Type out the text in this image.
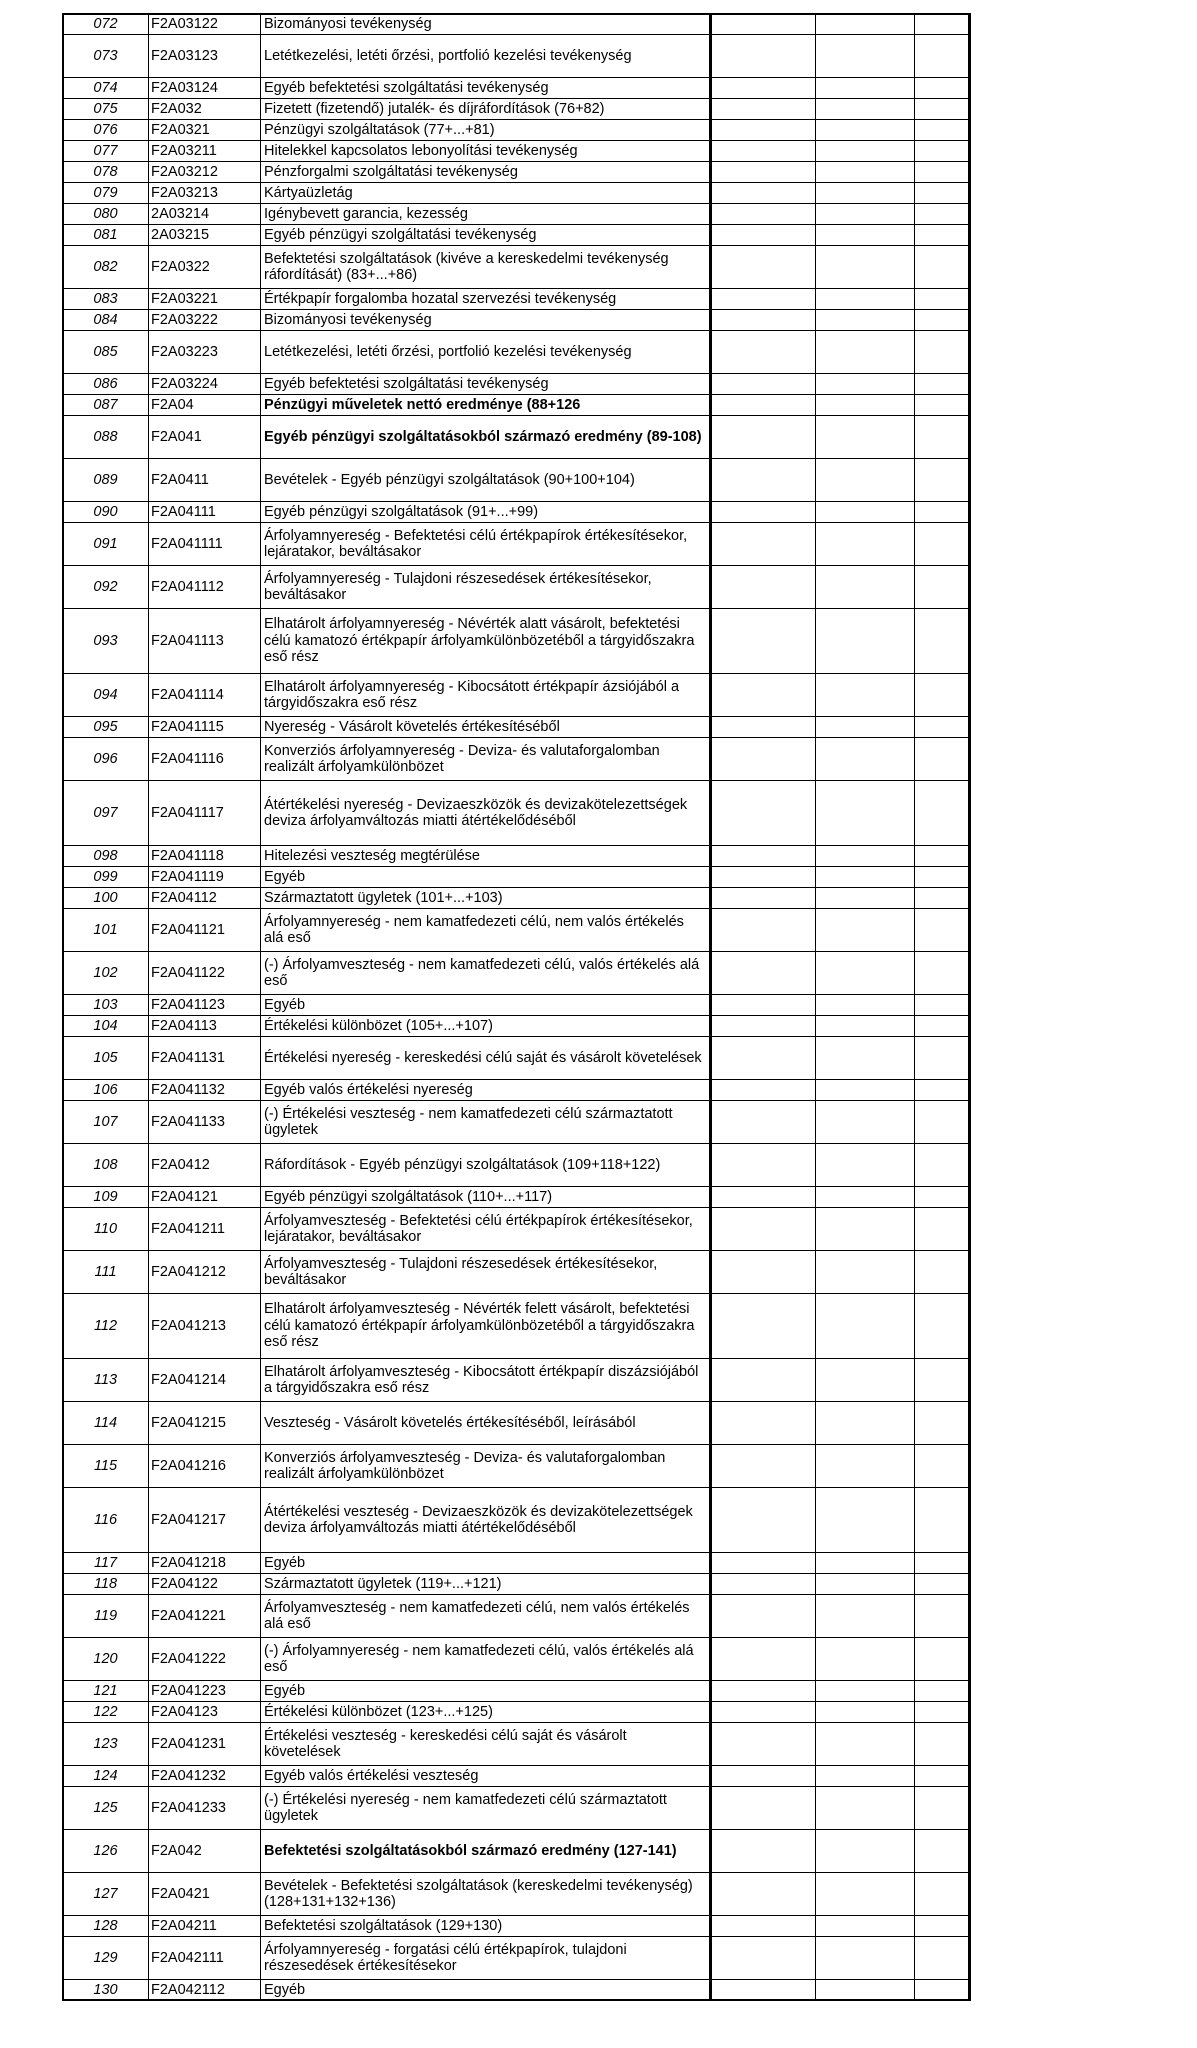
072	F2A03122	Bizományosi tevékenység			
073	F2A03123	Letétkezelési, letéti őrzési, portfolió kezelési tevékenység			
074	F2A03124	Egyéb befektetési szolgáltatási tevékenység			
075	F2A032	Fizetett (fizetendő) jutalék- és díjráfordítások (76+82)			
076	F2A0321	Pénzügyi szolgáltatások (77+...+81)			
077	F2A03211	Hitelekkel kapcsolatos lebonyolítási tevékenység			
078	F2A03212	Pénzforgalmi szolgáltatási tevékenység			
079	F2A03213	Kártyaüzletág			
080	2A03214	Igénybevett garancia, kezesség			
081	2A03215	Egyéb pénzügyi szolgáltatási tevékenység			
082	F2A0322	Befektetési szolgáltatások (kivéve a kereskedelmi tevékenység ráfordítását) (83+...+86)			
083	F2A03221	Értékpapír forgalomba hozatal szervezési tevékenység			
084	F2A03222	Bizományosi tevékenység			
085	F2A03223	Letétkezelési, letéti őrzési, portfolió kezelési tevékenység			
086	F2A03224	Egyéb befektetési szolgáltatási tevékenység			
087	F2A04	Pénzügyi műveletek nettó eredménye (88+126			
088	F2A041	Egyéb pénzügyi szolgáltatásokból származó eredmény (89-108)			
089	F2A0411	Bevételek - Egyéb pénzügyi szolgáltatások (90+100+104)			
090	F2A04111	Egyéb pénzügyi szolgáltatások (91+...+99)			
091	F2A041111	Árfolyamnyereség - Befektetési célú értékpapírok értékesítésekor, lejáratakor, beváltásakor			
092	F2A041112	Árfolyamnyereség - Tulajdoni részesedések értékesítésekor, beváltásakor			
093	F2A041113	Elhatárolt árfolyamnyereség - Névérték alatt vásárolt, befektetési célú kamatozó értékpapír árfolyamkülönbözetéből a tárgyidőszakra eső rész			
094	F2A041114	Elhatárolt árfolyamnyereség - Kibocsátott értékpapír ázsiójából a tárgyidőszakra eső rész			
095	F2A041115	Nyereség - Vásárolt követelés értékesítéséből			
096	F2A041116	Konverziós árfolyamnyereség - Deviza- és valutaforgalomban realizált árfolyamkülönbözet			
097	F2A041117	Átértékelési nyereség - Devizaeszközök és devizakötelezettségek deviza árfolyamváltozás miatti átértékelődéséből			
098	F2A041118	Hitelezési veszteség megtérülése			
099	F2A041119	Egyéb			
100	F2A04112	Származtatott ügyletek (101+...+103)			
101	F2A041121	Árfolyamnyereség - nem kamatfedezeti célú, nem valós értékelés alá eső			
102	F2A041122	(-) Árfolyamveszteség - nem kamatfedezeti célú, valós értékelés alá eső			
103	F2A041123	Egyéb			
104	F2A04113	Értékelési különbözet (105+...+107)			
105	F2A041131	Értékelési nyereség - kereskedési célú saját és vásárolt követelések			
106	F2A041132	Egyéb valós értékelési nyereség			
107	F2A041133	(-) Értékelési veszteség - nem kamatfedezeti célú származtatott ügyletek			
108	F2A0412	Ráfordítások - Egyéb pénzügyi szolgáltatások (109+118+122)			
109	F2A04121	Egyéb pénzügyi szolgáltatások (110+...+117)			
110	F2A041211	Árfolyamveszteség - Befektetési célú értékpapírok értékesítésekor, lejáratakor, beváltásakor			
111	F2A041212	Árfolyamveszteség - Tulajdoni részesedések értékesítésekor, beváltásakor			
112	F2A041213	Elhatárolt árfolyamveszteség - Névérték felett vásárolt, befektetési célú kamatozó értékpapír árfolyamkülönbözetéből a tárgyidőszakra eső rész			
113	F2A041214	Elhatárolt árfolyamveszteség - Kibocsátott értékpapír diszázsiójából a tárgyidőszakra eső rész			
114	F2A041215	Veszteség - Vásárolt követelés értékesítéséből, leírásából			
115	F2A041216	Konverziós árfolyamveszteség - Deviza- és valutaforgalomban realizált árfolyamkülönbözet			
116	F2A041217	Átértékelési veszteség - Devizaeszközök és devizakötelezettségek deviza árfolyamváltozás miatti átértékelődéséből			
117	F2A041218	Egyéb			
118	F2A04122	Származtatott ügyletek (119+...+121)			
119	F2A041221	Árfolyamveszteség - nem kamatfedezeti célú, nem valós értékelés alá eső			
120	F2A041222	(-) Árfolyamnyereség - nem kamatfedezeti célú, valós értékelés alá eső			
121	F2A041223	Egyéb			
122	F2A04123	Értékelési különbözet (123+...+125)			
123	F2A041231	Értékelési veszteség - kereskedési célú saját és vásárolt követelések			
124	F2A041232	Egyéb valós értékelési veszteség			
125	F2A041233	(-) Értékelési nyereség - nem kamatfedezeti célú származtatott ügyletek			
126	F2A042	Befektetési szolgáltatásokból származó eredmény (127-141)			
127	F2A0421	Bevételek - Befektetési szolgáltatások (kereskedelmi tevékenység) (128+131+132+136)			
128	F2A04211	Befektetési szolgáltatások (129+130)			
129	F2A042111	Árfolyamnyereség - forgatási célú értékpapírok, tulajdoni részesedések értékesítésekor			
130	F2A042112	Egyéb			
